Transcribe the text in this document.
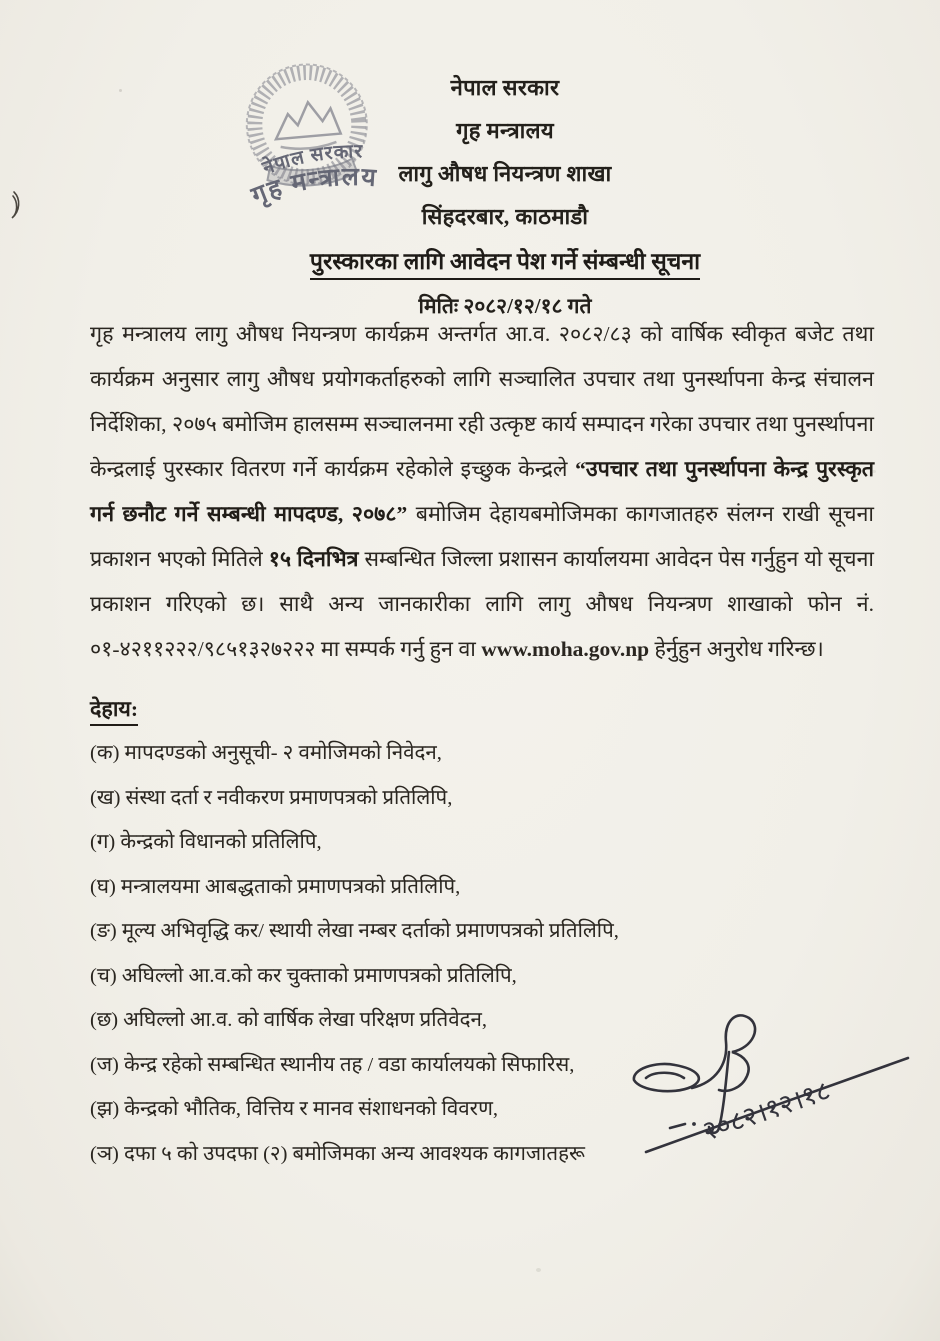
नेपाल सरकार
गृह मन्त्रालय
नेपाल सरकार
गृह मन्त्रालय
लागु औषध नियन्त्रण शाखा
सिंहदरबार, काठमाडौ
पुरस्कारका लागि आवेदन पेश गर्ने संम्बन्धी सूचना
मितिः २०८२/१२/१८ गते
गृह मन्त्रालय लागु औषध नियन्त्रण कार्यक्रम अन्तर्गत आ.व. २०८२/८३ को वार्षिक स्वीकृत बजेट तथा कार्यक्रम अनुसार लागु औषध प्रयोगकर्ताहरुको लागि सञ्चालित उपचार तथा पुनर्स्थापना केन्द्र संचालन निर्देशिका, २०७५ बमोजिम हालसम्म सञ्चालनमा रही उत्कृष्ट कार्य सम्पादन गरेका उपचार तथा पुनर्स्थापना केन्द्रलाई पुरस्कार वितरण गर्ने कार्यक्रम रहेकोले इच्छुक केन्द्रले “उपचार तथा पुनर्स्थापना केन्द्र पुरस्कृत गर्न छनौट गर्ने सम्बन्धी मापदण्ड, २०७८” बमोजिम देहायबमोजिमका कागजातहरु संलग्न राखी सूचना प्रकाशन भएको मितिले १५ दिनभित्र सम्बन्धित जिल्ला प्रशासन कार्यालयमा आवेदन पेस गर्नुहुन यो सूचना प्रकाशन गरिएको छ। साथै अन्य जानकारीका लागि लागु औषध नियन्त्रण शाखाको फोन नं. ०१-४२११२२२/९८५१३२७२२२ मा सम्पर्क गर्नु हुन वा www.moha.gov.np हेर्नुहुन अनुरोध गरिन्छ।
देहाय:
(क) मापदण्डको अनुसूची- २ वमोजिमको निवेदन,
(ख) संस्था दर्ता र नवीकरण प्रमाणपत्रको प्रतिलिपि,
(ग) केन्द्रको विधानको प्रतिलिपि,
(घ) मन्त्रालयमा आबद्धताको प्रमाणपत्रको प्रतिलिपि,
(ङ) मूल्य अभिवृद्धि कर/ स्थायी लेखा नम्बर दर्ताको प्रमाणपत्रको प्रतिलिपि,
(च) अघिल्लो आ.व.को कर चुक्ताको प्रमाणपत्रको प्रतिलिपि,
(छ) अघिल्लो आ.व. को वार्षिक लेखा परिक्षण प्रतिवेदन,
(ज) केन्द्र रहेको सम्बन्धित स्थानीय तह / वडा कार्यालयको सिफारिस,
(झ) केन्द्रको भौतिक, वित्तिय र मानव संशाधनको विवरण,
(ञ) दफा ५ को उपदफा (२) बमोजिमका अन्य आवश्यक कागजातहरू
२०८२।१२।१८
